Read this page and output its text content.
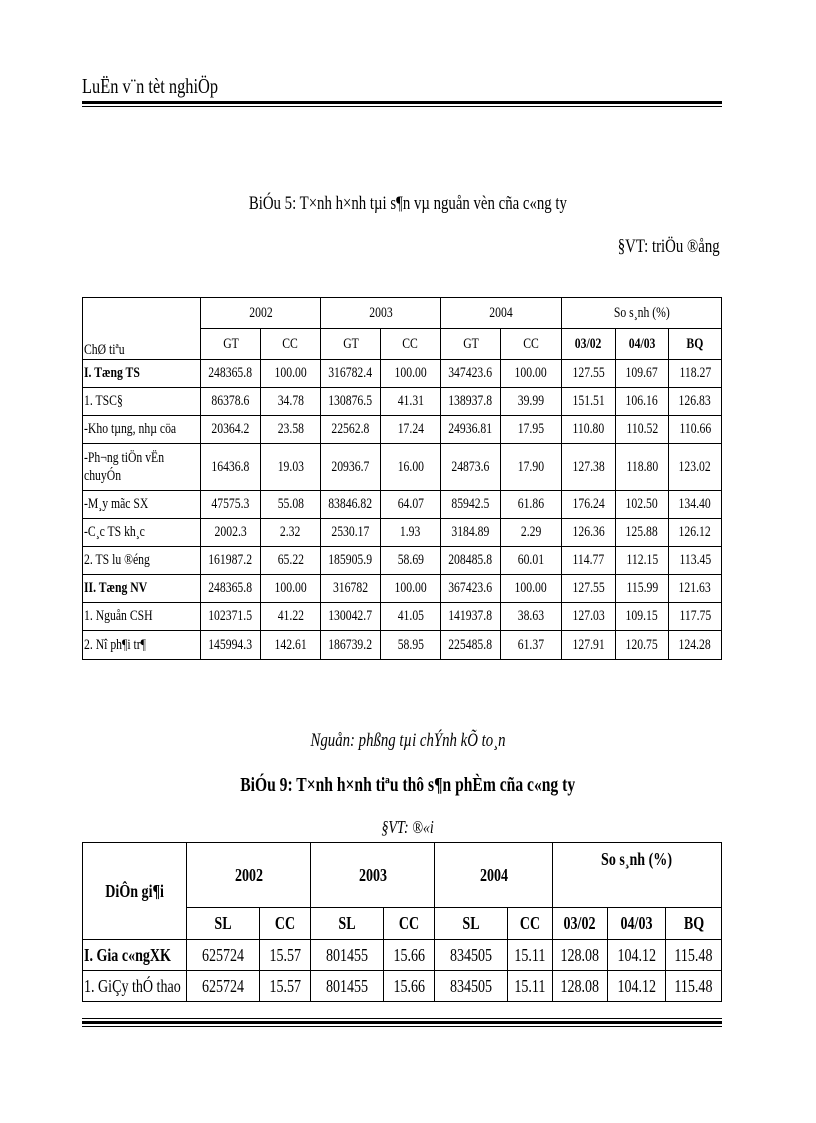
LuËn v¨n tèt nghiÖp
BiÓu 5: T×nh h×nh tµi s¶n vµ nguån vèn cña c«ng ty
§VT: triÖu ®ång
ChØ tiªu	2002		2003		2004		So s¸nh (%)		
	GT	CC	GT	CC	GT	CC	03/02	04/03	BQ
I. Tæng TS	248365.8	100.00	316782.4	100.00	347423.6	100.00	127.55	109.67	118.27
1. TSC§	86378.6	34.78	130876.5	41.31	138937.8	39.99	151.51	106.16	126.83
-Kho tµng, nhµ cöa	20364.2	23.58	22562.8	17.24	24936.81	17.95	110.80	110.52	110.66
-Ph¬ng tiÖn vËn chuyÓn	16436.8	19.03	20936.7	16.00	24873.6	17.90	127.38	118.80	123.02
-M¸y mãc SX	47575.3	55.08	83846.82	64.07	85942.5	61.86	176.24	102.50	134.40
-C¸c TS kh¸c	2002.3	2.32	2530.17	1.93	3184.89	2.29	126.36	125.88	126.12
2. TS lu ®éng	161987.2	65.22	185905.9	58.69	208485.8	60.01	114.77	112.15	113.45
II. Tæng NV	248365.8	100.00	316782	100.00	367423.6	100.00	127.55	115.99	121.63
1. Nguån CSH	102371.5	41.22	130042.7	41.05	141937.8	38.63	127.03	109.15	117.75
2. Nî ph¶i tr¶	145994.3	142.61	186739.2	58.95	225485.8	61.37	127.91	120.75	124.28
Nguån: phßng tµi chÝnh kÕ to¸n
BiÓu 9: T×nh h×nh tiªu thô s¶n phÈm cña c«ng ty
§VT: ®«i
DiÔn gi¶i	2002		2003		2004		So s¸nh (%)		
	SL	CC	SL	CC	SL	CC	03/02	04/03	BQ
I. Gia c«ngXK	625724	15.57	801455	15.66	834505	15.11	128.08	104.12	115.48
1. GiÇy thÓ thao	625724	15.57	801455	15.66	834505	15.11	128.08	104.12	115.48
